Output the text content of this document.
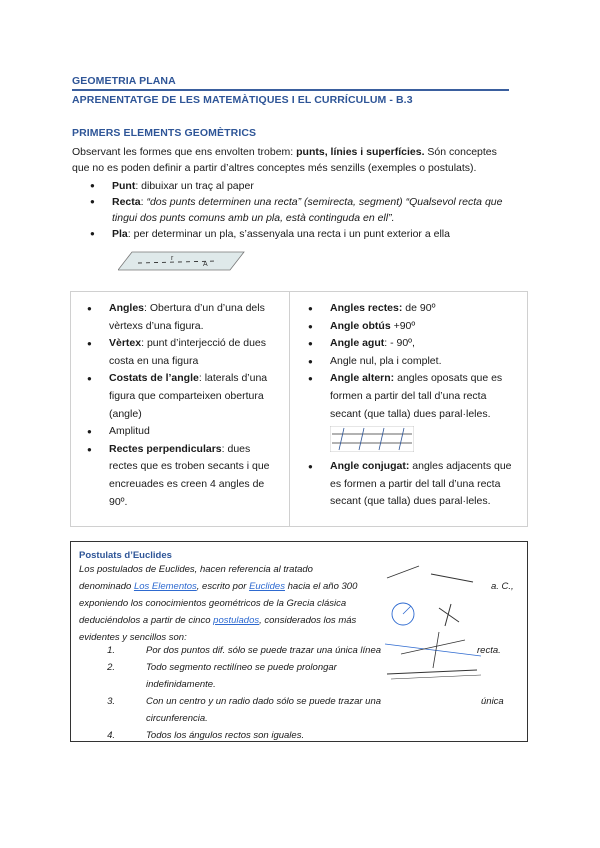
GEOMETRIA PLANA
APRENENTATGE DE LES MATEMÀTIQUES I EL CURRÍCULUM - B.3
PRIMERS ELEMENTS GEOMÈTRICS
Observant les formes que ens envolten trobem: punts, línies i superfícies. Són conceptes
que no es poden definir a partir d’altres conceptes més senzills (exemples o postulats).
● Punt: dibuixar un traç al paper
● Recta: “dos punts determinen una recta” (semirecta, segment) “Qualsevol recta que
tingui dos punts comuns amb un pla, està continguda en ell”.
● Pla: per determinar un pla, s’assenyala una recta i un punt exterior a ella
r
A
● Angles: Obertura d’un d’una dels
vèrtexs d’una figura.
● Vèrtex: punt d’interjecció de dues
costa en una figura
● Costats de l’angle: laterals d’una
figura que comparteixen obertura
(angle)
● Amplitud
● Rectes perpendiculars: dues
rectes que es troben secants i que
encreuades es creen 4 angles de
90º.
● Angles rectes: de 90º
● Angle obtús +90º
● Angle agut: - 90º,
● Angle nul, pla i complet.
● Angle altern: angles oposats que es
formen a partir del tall d’una recta
secant (que talla) dues paral·leles.
● Angle conjugat: angles adjacents que
es formen a partir del tall d’una recta
secant (que talla) dues paral·leles.
Postulats d’Euclides
Los postulados de Euclides, hacen referencia al tratado
denominado Los Elementos, escrito por Euclides hacia el año 300
exponiendo los conocimientos geométricos de la Grecia clásica
deduciéndolos a partir de cinco postulados, considerados los más
evidentes y sencillos son:
a. C.,
1.	Por dos puntos dif. sólo se puede trazar una única línea	recta.
2.	Todo segmento rectilíneo se puede prolongar
indefinidamente.
3.	Con un centro y un radio dado sólo se puede trazar una	única
circunferencia.
4.	Todos los ángulos rectos son iguales.
